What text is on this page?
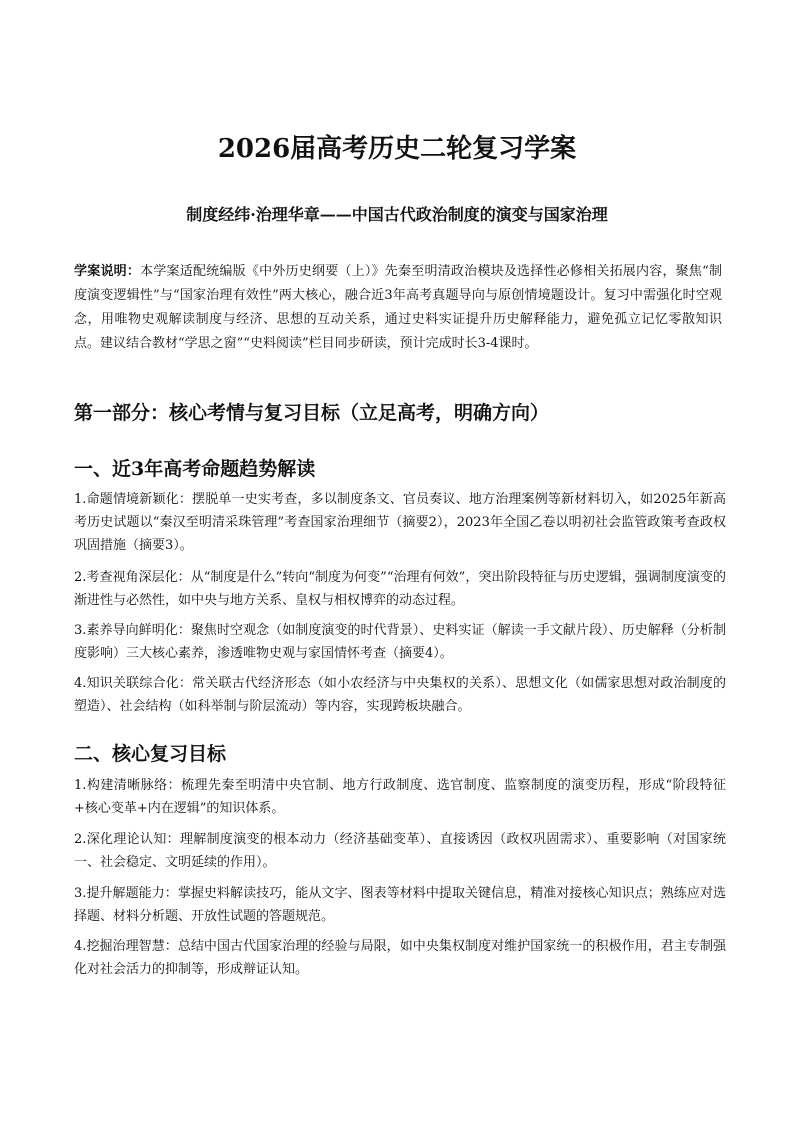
2026届高考历史二轮复习学案
制度经纬·治理华章——中国古代政治制度的演变与国家治理
学案说明：本学案适配统编版《中外历史纲要（上）》先秦至明清政治模块及选择性必修相关拓展内容，聚焦“制度演变逻辑性”与“国家治理有效性”两大核心，融合近3年高考真题导向与原创情境题设计。复习中需强化时空观念，用唯物史观解读制度与经济、思想的互动关系，通过史料实证提升历史解释能力，避免孤立记忆零散知识点。建议结合教材“学思之窗”“史料阅读”栏目同步研读，预计完成时长3-4课时。
第一部分：核心考情与复习目标（立足高考，明确方向）
一、近3年高考命题趋势解读
1.命题情境新颖化：摆脱单一史实考查，多以制度条文、官员奏议、地方治理案例等新材料切入，如2025年新高考历史试题以“秦汉至明清采珠管理”考查国家治理细节（摘要2），2023年全国乙卷以明初社会监管政策考查政权巩固措施（摘要3）。
2.考查视角深层化：从“制度是什么”转向“制度为何变”“治理有何效”，突出阶段特征与历史逻辑，强调制度演变的渐进性与必然性，如中央与地方关系、皇权与相权博弈的动态过程。
3.素养导向鲜明化：聚焦时空观念（如制度演变的时代背景）、史料实证（解读一手文献片段）、历史解释（分析制度影响）三大核心素养，渗透唯物史观与家国情怀考查（摘要4）。
4.知识关联综合化：常关联古代经济形态（如小农经济与中央集权的关系）、思想文化（如儒家思想对政治制度的塑造）、社会结构（如科举制与阶层流动）等内容，实现跨板块融合。
二、核心复习目标
1.构建清晰脉络：梳理先秦至明清中央官制、地方行政制度、选官制度、监察制度的演变历程，形成“阶段特征+核心变革+内在逻辑”的知识体系。
2.深化理论认知：理解制度演变的根本动力（经济基础变革）、直接诱因（政权巩固需求）、重要影响（对国家统一、社会稳定、文明延续的作用）。
3.提升解题能力：掌握史料解读技巧，能从文字、图表等材料中提取关键信息，精准对接核心知识点；熟练应对选择题、材料分析题、开放性试题的答题规范。
4.挖掘治理智慧：总结中国古代国家治理的经验与局限，如中央集权制度对维护国家统一的积极作用，君主专制强化对社会活力的抑制等，形成辩证认知。
